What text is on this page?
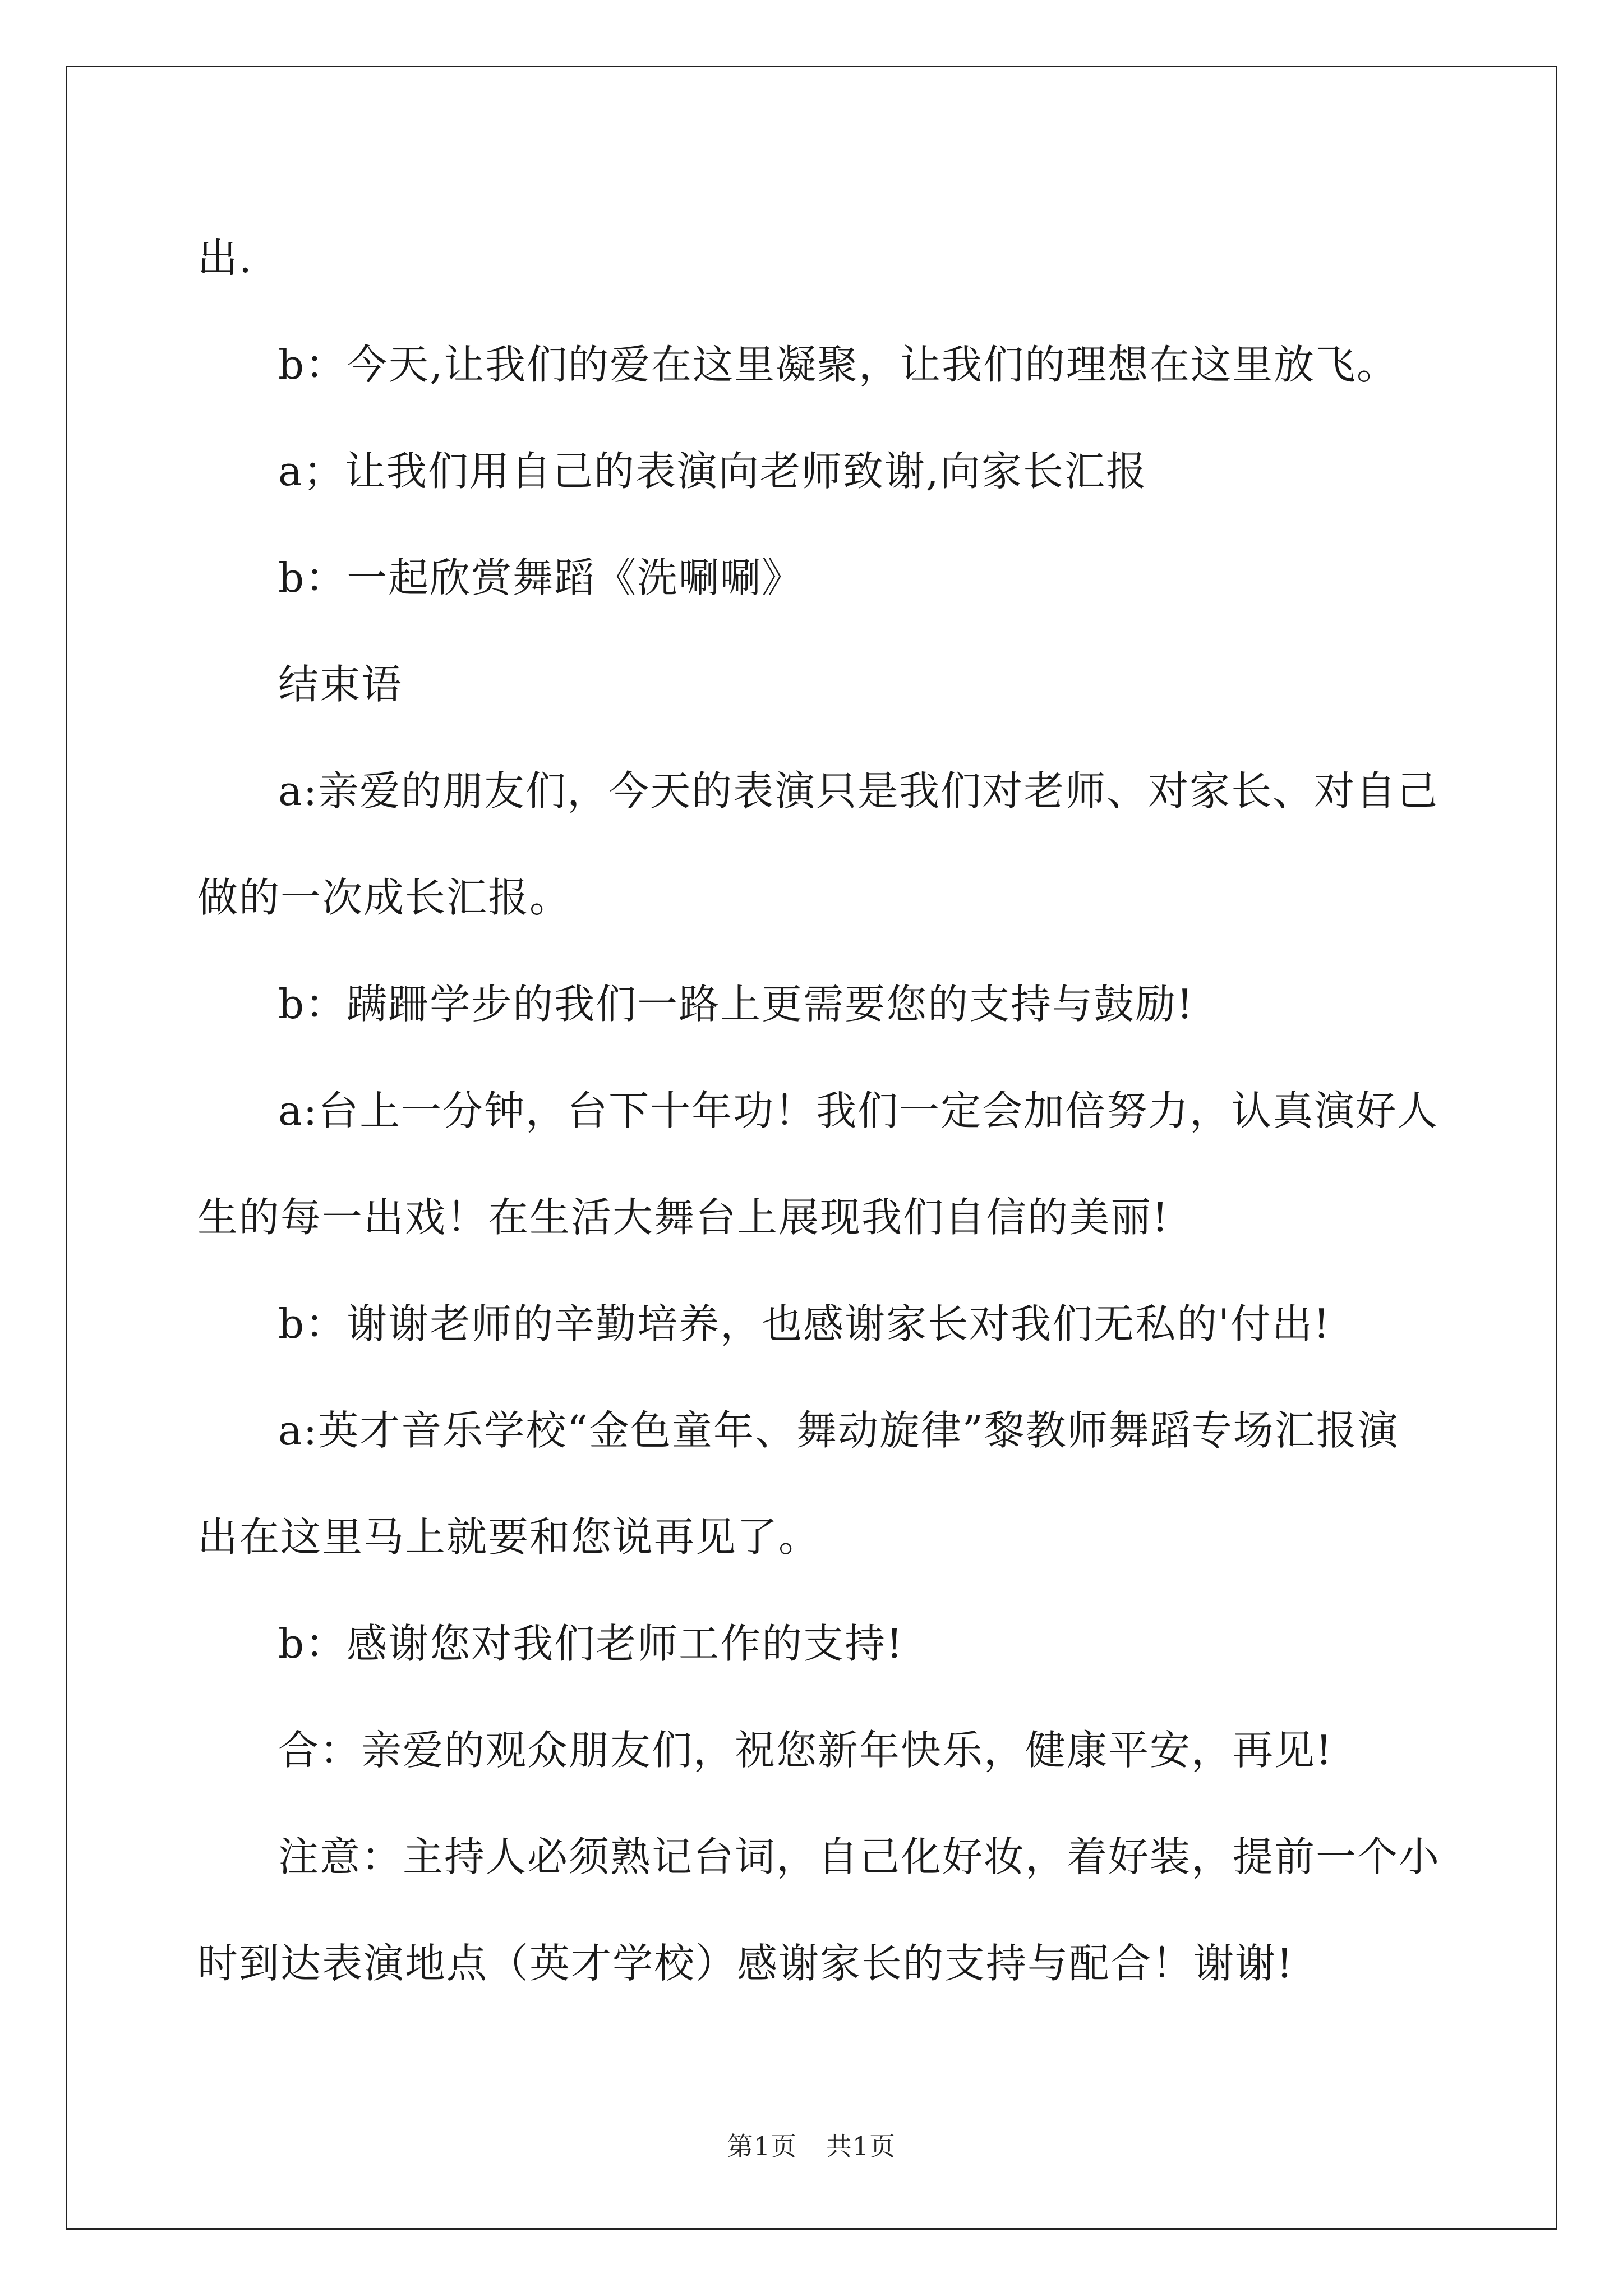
出.

b：今天,让我们的爱在这里凝聚，让我们的理想在这里放飞。

a；让我们用自己的表演向老师致谢,向家长汇报

b：一起欣赏舞蹈《洗唰唰》

结束语

a:亲爱的朋友们，今天的表演只是我们对老师、对家长、对自己

做的一次成长汇报。

b：蹒跚学步的我们一路上更需要您的支持与鼓励!

a:台上一分钟，台下十年功！我们一定会加倍努力，认真演好人

生的每一出戏！在生活大舞台上展现我们自信的美丽!

b：谢谢老师的辛勤培养，也感谢家长对我们无私的'付出!

a:英才音乐学校“金色童年、舞动旋律”黎教师舞蹈专场汇报演

出在这里马上就要和您说再见了。

b：感谢您对我们老师工作的支持!

合：亲爱的观众朋友们，祝您新年快乐，健康平安，再见!

注意：主持人必须熟记台词，自己化好妆，着好装，提前一个小

时到达表演地点（英才学校）感谢家长的支持与配合！谢谢!

第1页 共1页
